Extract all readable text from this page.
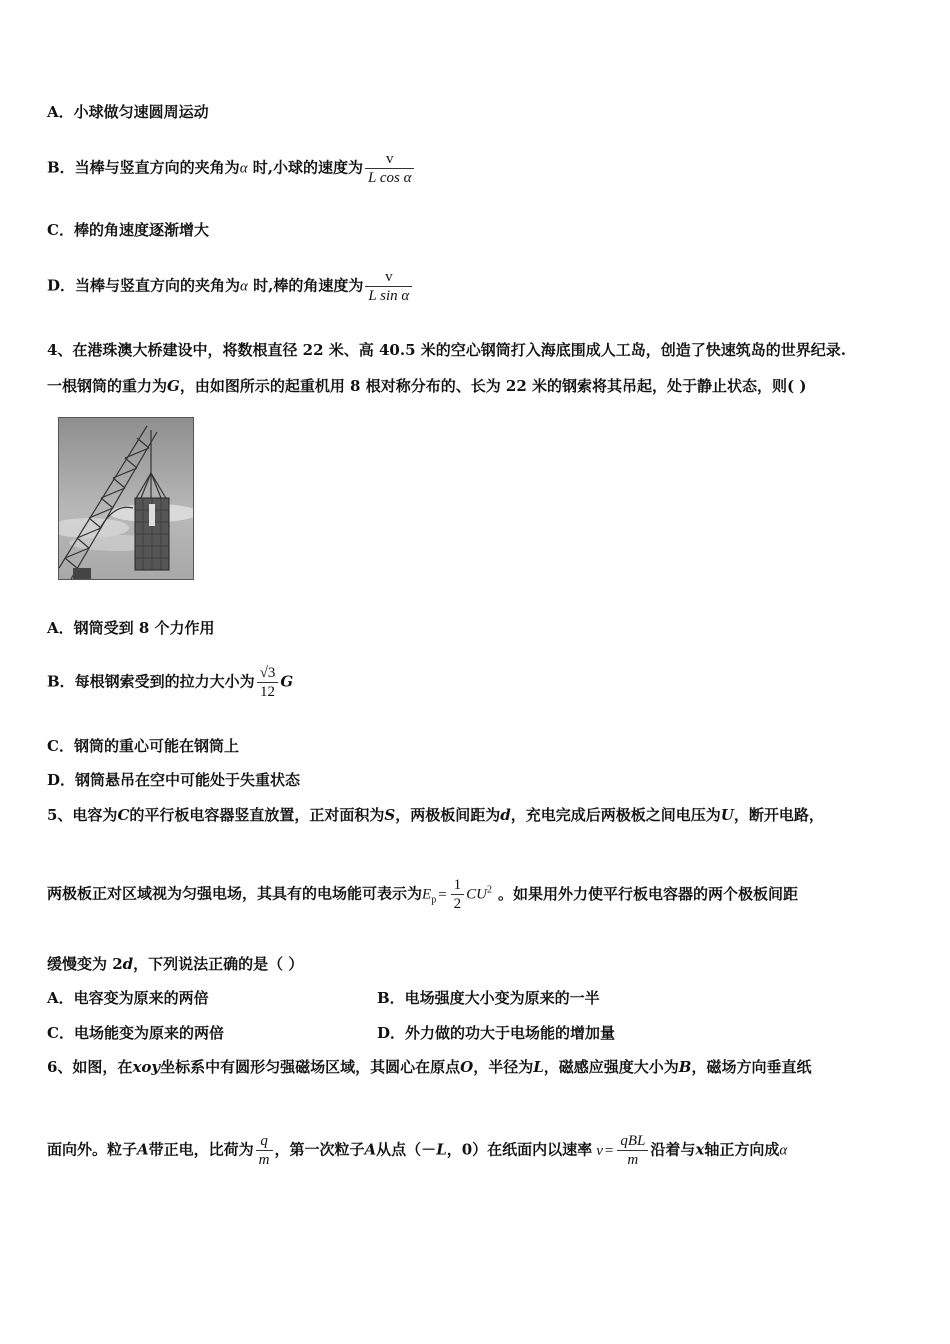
A．小球做匀速圆周运动
B．当棒与竖直方向的夹角为α 时,小球的速度为 $\frac{v}{\text{L cos α}}$
C．棒的角速度逐渐增大
D．当棒与竖直方向的夹角为α 时,棒的角速度为 $\frac{v}{\text{L sin α}}$
4、在港珠澳大桥建设中，将数根直径 22 米、高 40.5 米的空心钢筒打入海底围成人工岛，创造了快速筑岛的世界纪录.
一根钢筒的重力为G，由如图所示的起重机用 8 根对称分布的、长为 22 米的钢索将其吊起，处于静止状态，则( )
A．钢筒受到 8 个力作用
B．每根钢索受到的拉力大小为 $\frac{√3}{12}$ G
C．钢筒的重心可能在钢筒上
D．钢筒悬吊在空中可能处于失重状态
5、电容为C的平行板电容器竖直放置，正对面积为S，两极板间距为d，充电完成后两极板之间电压为U，断开电路，
两极板正对区域视为匀强电场，其具有的电场能可表示为$E_p = \frac{1}{2} CU^2$ 。如果用外力使平行板电容器的两个极板间距
缓慢变为 2d，下列说法正确的是（ ）
A．电容变为原来的两倍	B．电场强度大小变为原来的一半
C．电场能变为原来的两倍	D．外力做的功大于电场能的增加量
6、如图，在xoy坐标系中有圆形匀强磁场区域，其圆心在原点O，半径为L，磁感应强度大小为B，磁场方向垂直纸
面向外。粒子A带正电，比荷为 $\frac{q}{m}$ ，第一次粒子A从点（－L，0）在纸面内以速率 $v = \frac{\text{qBL}}{m}$ 沿着与x轴正方向成α
